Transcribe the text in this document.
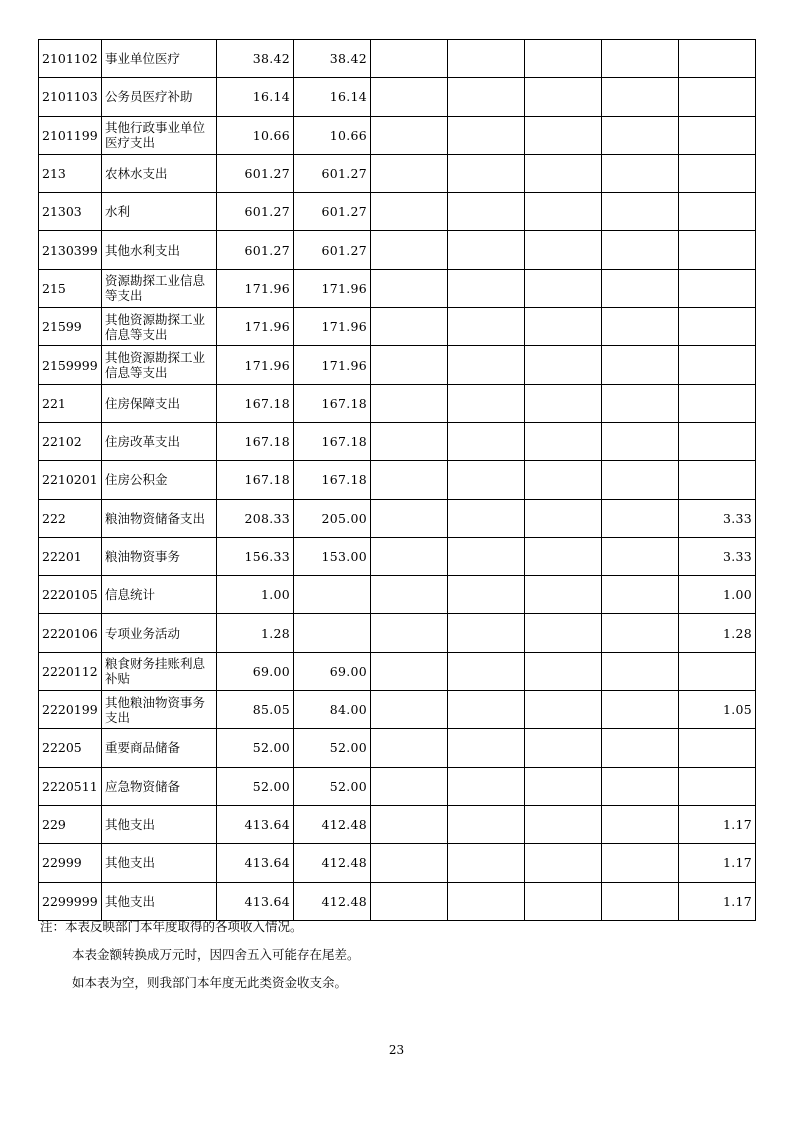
2101102	事业单位医疗	38.42	38.42					
2101103	公务员医疗补助	16.14	16.14					
2101199	其他行政事业单位医疗支出	10.66	10.66					
213	农林水支出	601.27	601.27					
21303	水利	601.27	601.27					
2130399	其他水利支出	601.27	601.27					
215	资源勘探工业信息等支出	171.96	171.96					
21599	其他资源勘探工业信息等支出	171.96	171.96					
2159999	其他资源勘探工业信息等支出	171.96	171.96					
221	住房保障支出	167.18	167.18					
22102	住房改革支出	167.18	167.18					
2210201	住房公积金	167.18	167.18					
222	粮油物资储备支出	208.33	205.00					3.33
22201	粮油物资事务	156.33	153.00					3.33
2220105	信息统计	1.00						1.00
2220106	专项业务活动	1.28						1.28
2220112	粮食财务挂账利息补贴	69.00	69.00					
2220199	其他粮油物资事务支出	85.05	84.00					1.05
22205	重要商品储备	52.00	52.00					
2220511	应急物资储备	52.00	52.00					
229	其他支出	413.64	412.48					1.17
22999	其他支出	413.64	412.48					1.17
2299999	其他支出	413.64	412.48					1.17
注：本表反映部门本年度取得的各项收入情况。
本表金额转换成万元时，因四舍五入可能存在尾差。
如本表为空，则我部门本年度无此类资金收支余。
23
